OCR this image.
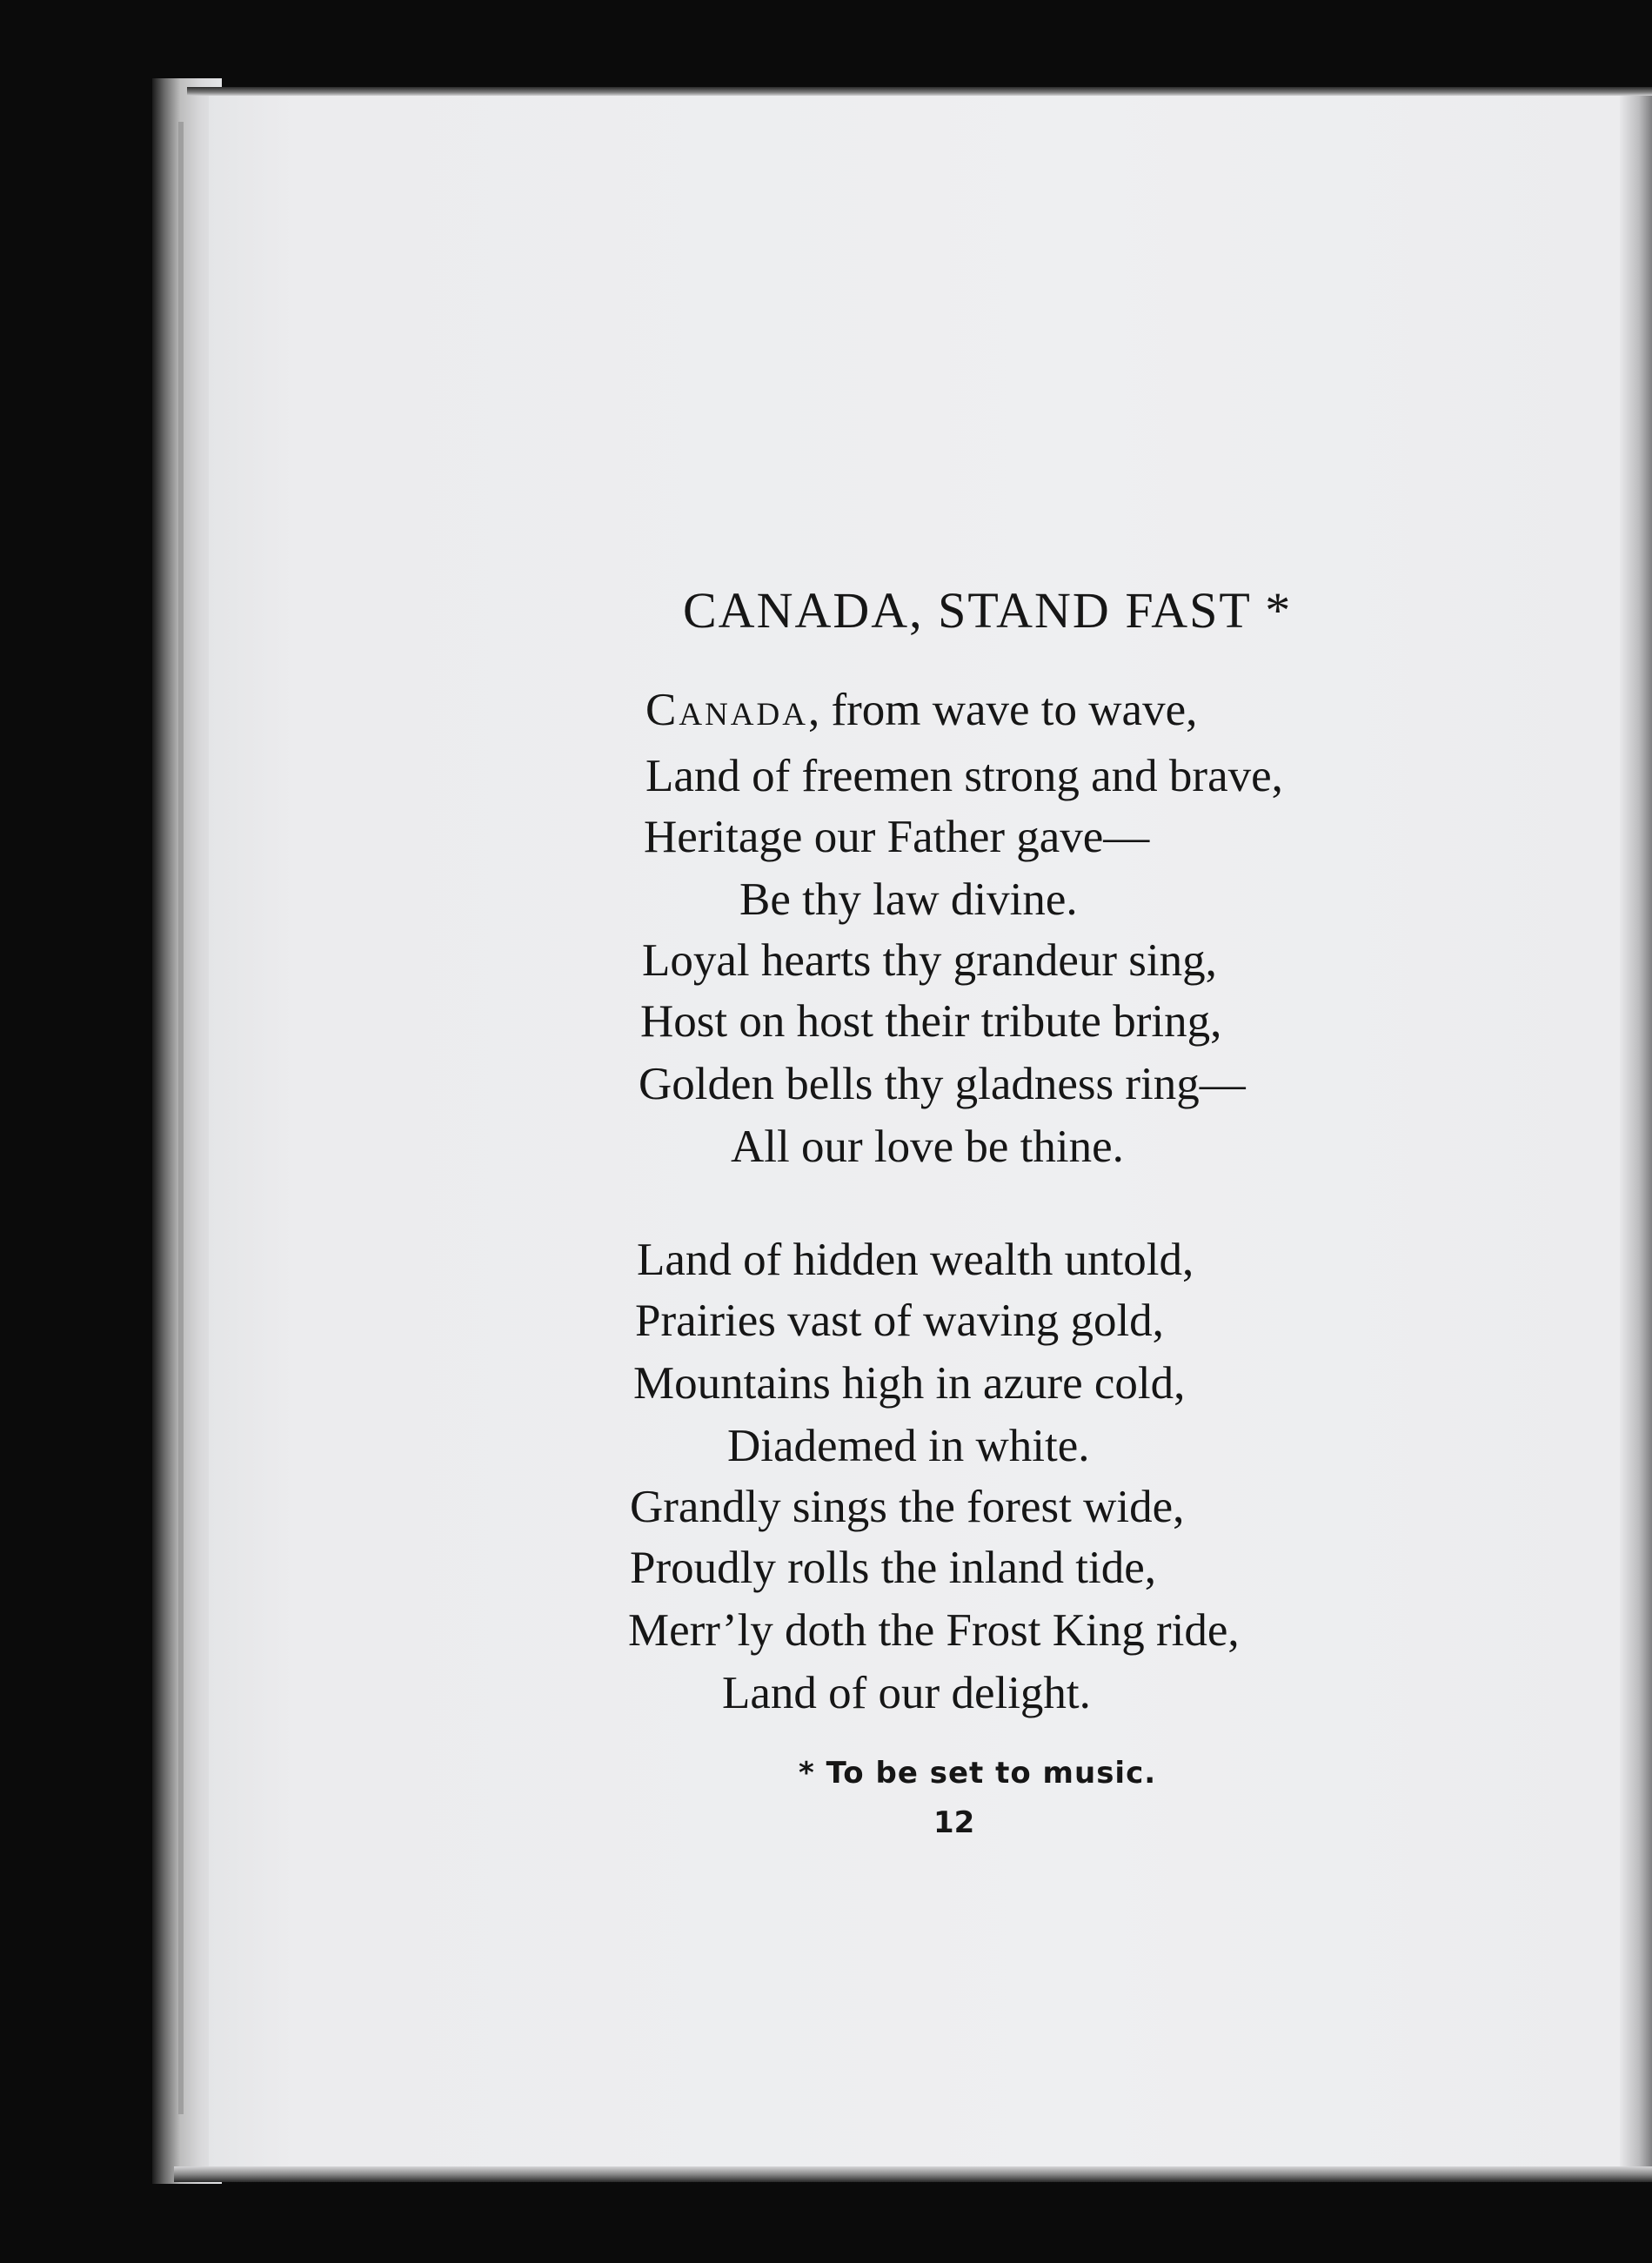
CANADA, STAND FAST *
Canada, from wave to wave,
Land of freemen strong and brave,
Heritage our Father gave—
Be thy law divine.
Loyal hearts thy grandeur sing,
Host on host their tribute bring,
Golden bells thy gladness ring—
All our love be thine.
Land of hidden wealth untold,
Prairies vast of waving gold,
Mountains high in azure cold,
Diademed in white.
Grandly sings the forest wide,
Proudly rolls the inland tide,
Merr’ly doth the Frost King ride,
Land of our delight.
* To be set to music.
12
